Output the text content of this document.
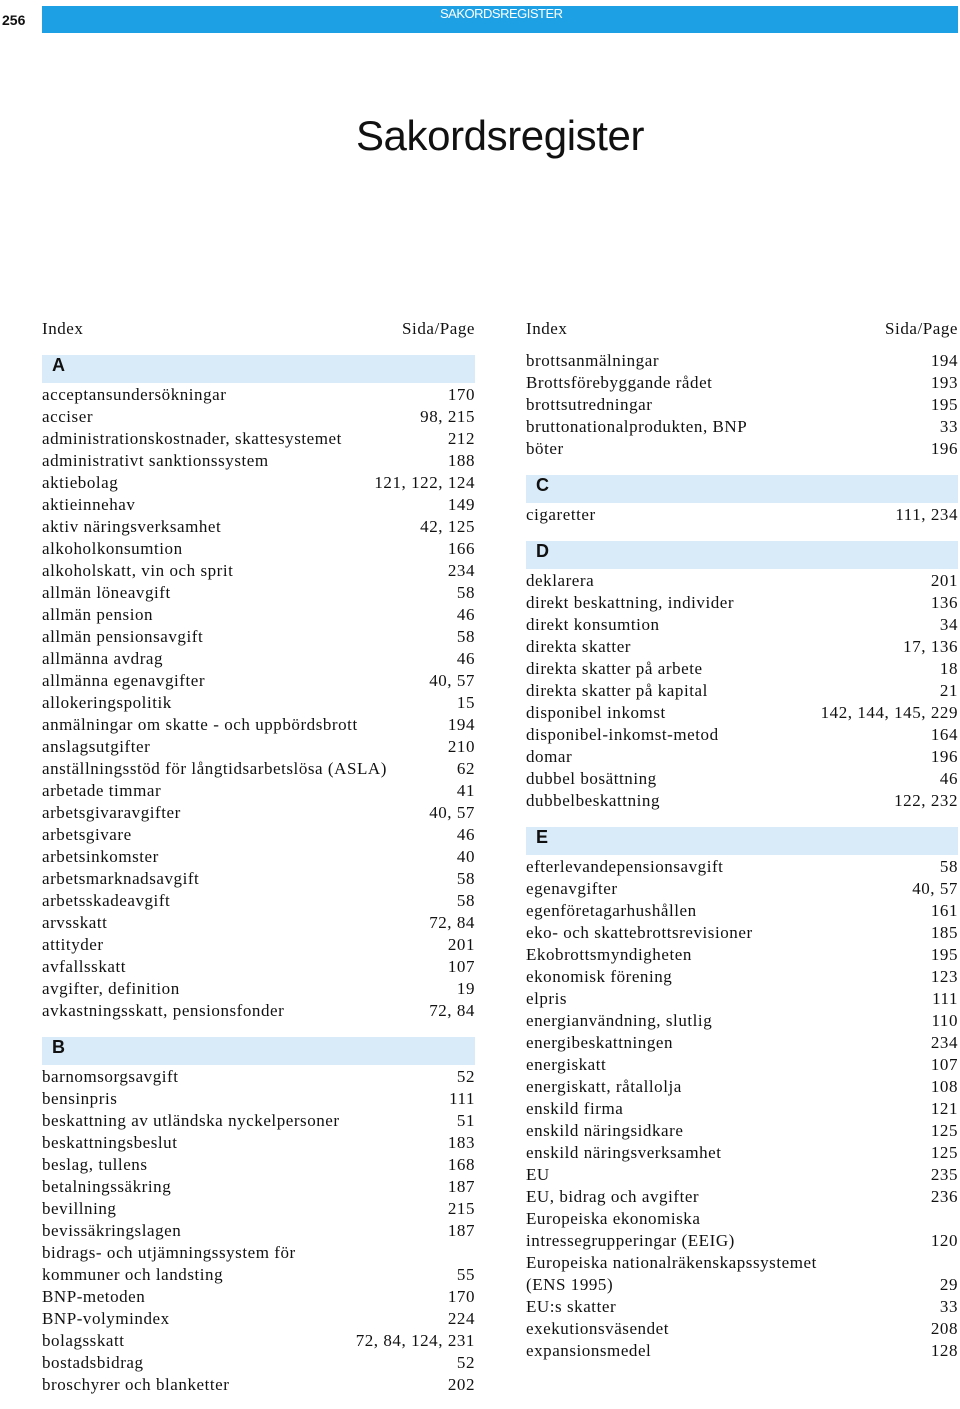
256	SAKORDSREGISTER
Sakordsregister
Index	Sida/Page
A
acceptansundersökningar	170
acciser	98, 215
administrationskostnader, skattesystemet	212
administrativt sanktionssystem	188
aktiebolag	121, 122, 124
aktieinnehav	149
aktiv näringsverksamhet	42, 125
alkoholkonsumtion	166
alkoholskatt, vin och sprit	234
allmän löneavgift	58
allmän pension	46
allmän pensionsavgift	58
allmänna avdrag	46
allmänna egenavgifter	40, 57
allokeringspolitik	15
anmälningar om skatte - och uppbördsbrott	194
anslagsutgifter	210
anställningsstöd för långtidsarbetslösa (ASLA)	62
arbetade timmar	41
arbetsgivaravgifter	40, 57
arbetsgivare	46
arbetsinkomster	40
arbetsmarknadsavgift	58
arbetsskadeavgift	58
arvsskatt	72, 84
attityder	201
avfallsskatt	107
avgifter, definition	19
avkastningsskatt, pensionsfonder	72, 84
B
barnomsorgsavgift	52
bensinpris	111
beskattning av utländska nyckelpersoner	51
beskattningsbeslut	183
beslag, tullens	168
betalningssäkring	187
bevillning	215
bevissäkringslagen	187
bidrags- och utjämningssystem för
kommuner och landsting	55
BNP-metoden	170
BNP-volymindex	224
bolagsskatt	72, 84, 124, 231
bostadsbidrag	52
broschyrer och blanketter	202
Index	Sida/Page
brottsanmälningar	194
Brottsförebyggande rådet	193
brottsutredningar	195
bruttonationalprodukten, BNP	33
böter	196
C
cigaretter	111, 234
D
deklarera	201
direkt beskattning, individer	136
direkt konsumtion	34
direkta skatter	17, 136
direkta skatter på arbete	18
direkta skatter på kapital	21
disponibel inkomst	142, 144, 145, 229
disponibel-inkomst-metod	164
domar	196
dubbel bosättning	46
dubbelbeskattning	122, 232
E
efterlevandepensionsavgift	58
egenavgifter	40, 57
egenföretagarhushållen	161
eko- och skattebrottsrevisioner	185
Ekobrottsmyndigheten	195
ekonomisk förening	123
elpris	111
energianvändning, slutlig	110
energibeskattningen	234
energiskatt	107
energiskatt, råtallolja	108
enskild firma	121
enskild näringsidkare	125
enskild näringsverksamhet	125
EU	235
EU, bidrag och avgifter	236
Europeiska ekonomiska
intressegrupperingar (EEIG)	120
Europeiska nationalräkenskapssystemet
(ENS 1995)	29
EU:s skatter	33
exekutionsväsendet	208
expansionsmedel	128
